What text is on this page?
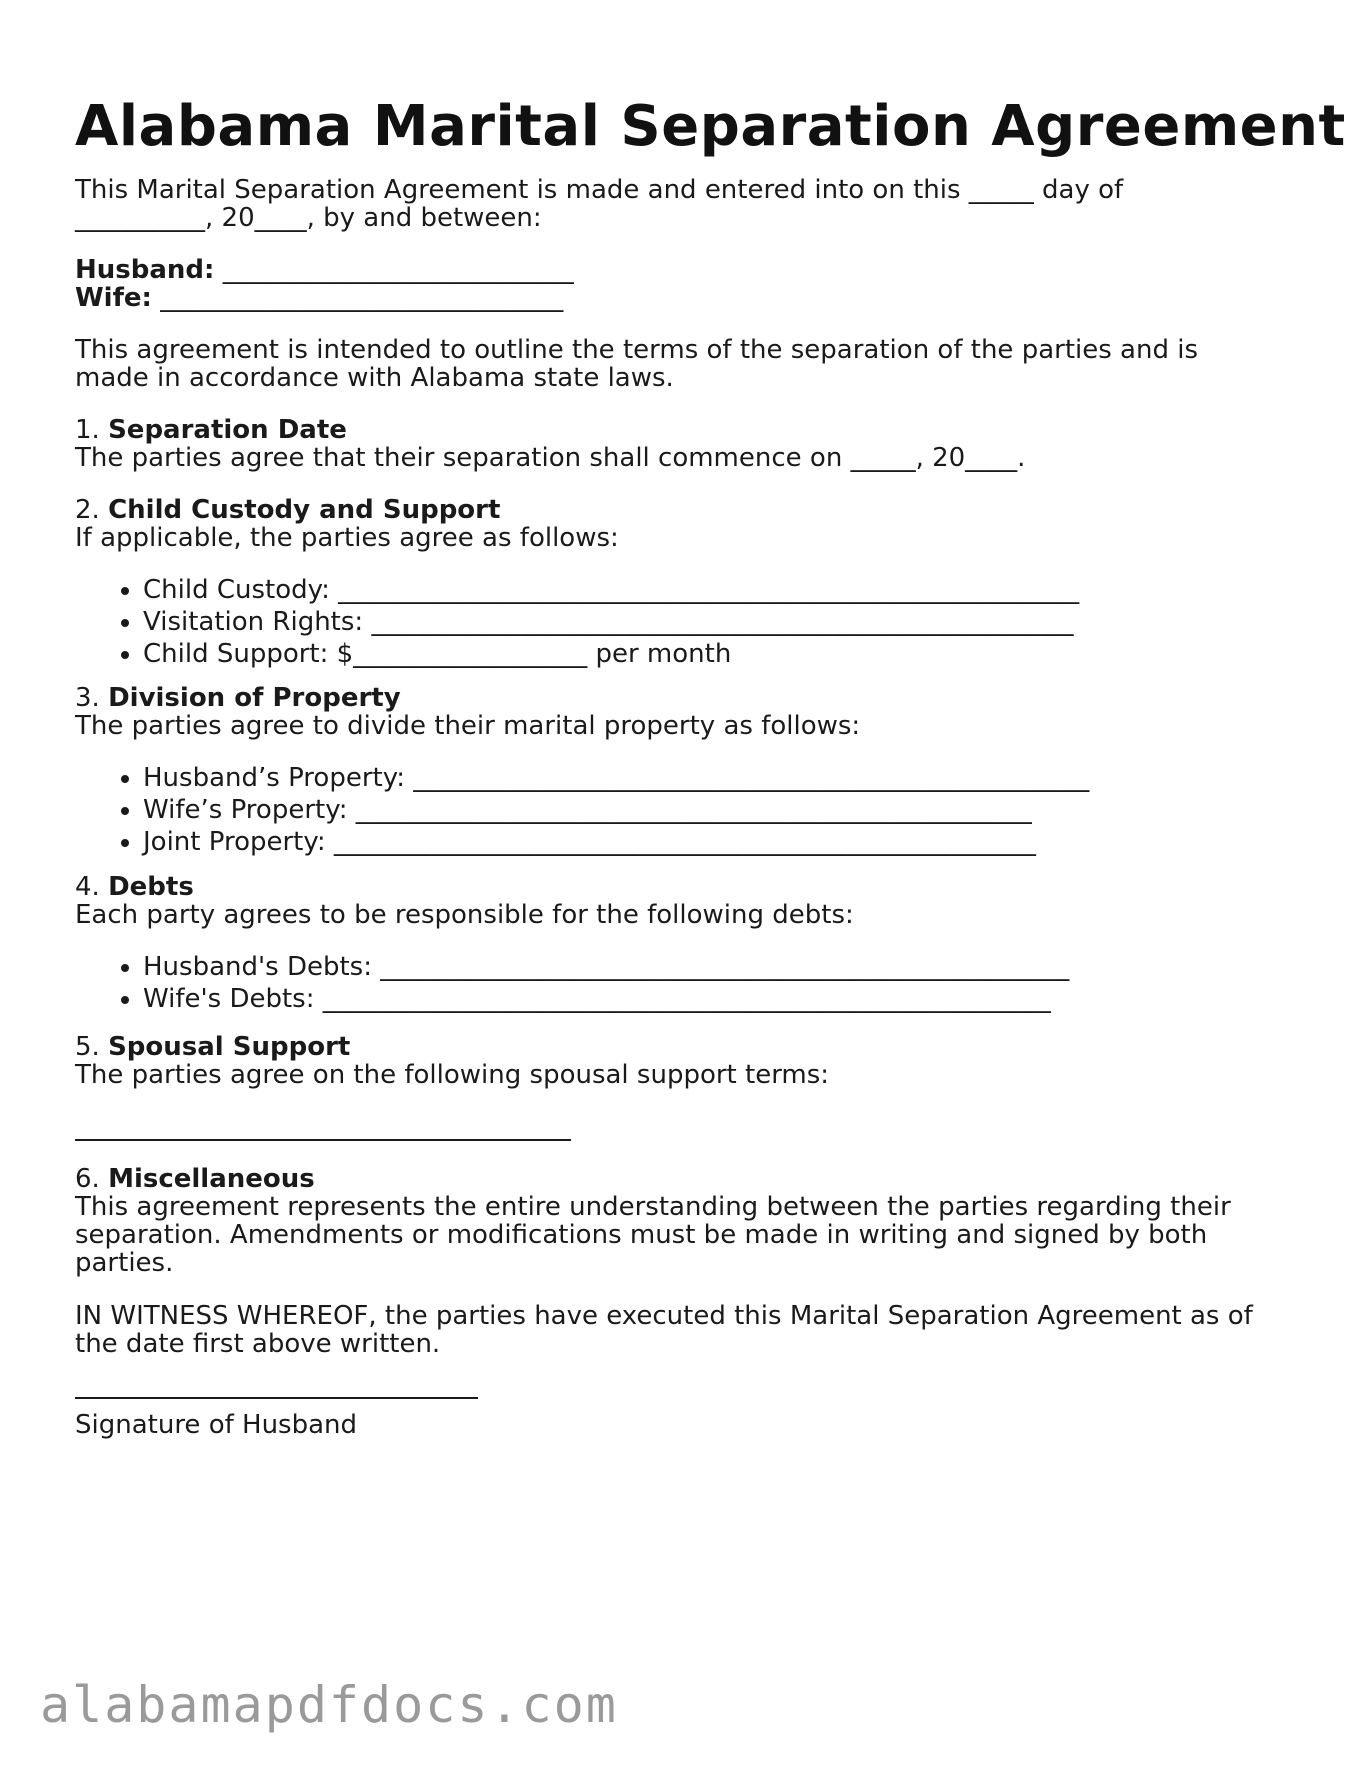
Alabama Marital Separation Agreement

This Marital Separation Agreement is made and entered into on this _____ day of

__________, 20____, by and between:

Husband: ___________________________

Wife: _______________________________

This agreement is intended to outline the terms of the separation of the parties and is

made in accordance with Alabama state laws.

1. Separation Date

The parties agree that their separation shall commence on _____, 20____.

2. Child Custody and Support

If applicable, the parties agree as follows:

• Child Custody: _________________________________________________________
• Visitation Rights: ______________________________________________________
• Child Support: $__________________ per month

3. Division of Property

The parties agree to divide their marital property as follows:

• Husband’s Property: ____________________________________________________
• Wife’s Property: ____________________________________________________
• Joint Property: ______________________________________________________

4. Debts

Each party agrees to be responsible for the following debts:

• Husband's Debts: _____________________________________________________
• Wife's Debts: ________________________________________________________

5. Spousal Support

The parties agree on the following spousal support terms:

6. Miscellaneous

This agreement represents the entire understanding between the parties regarding their

separation. Amendments or modifications must be made in writing and signed by both

parties.

IN WITNESS WHEREOF, the parties have executed this Marital Separation Agreement as of

the date first above written.

Signature of Husband

alabamapdfdocs.com
